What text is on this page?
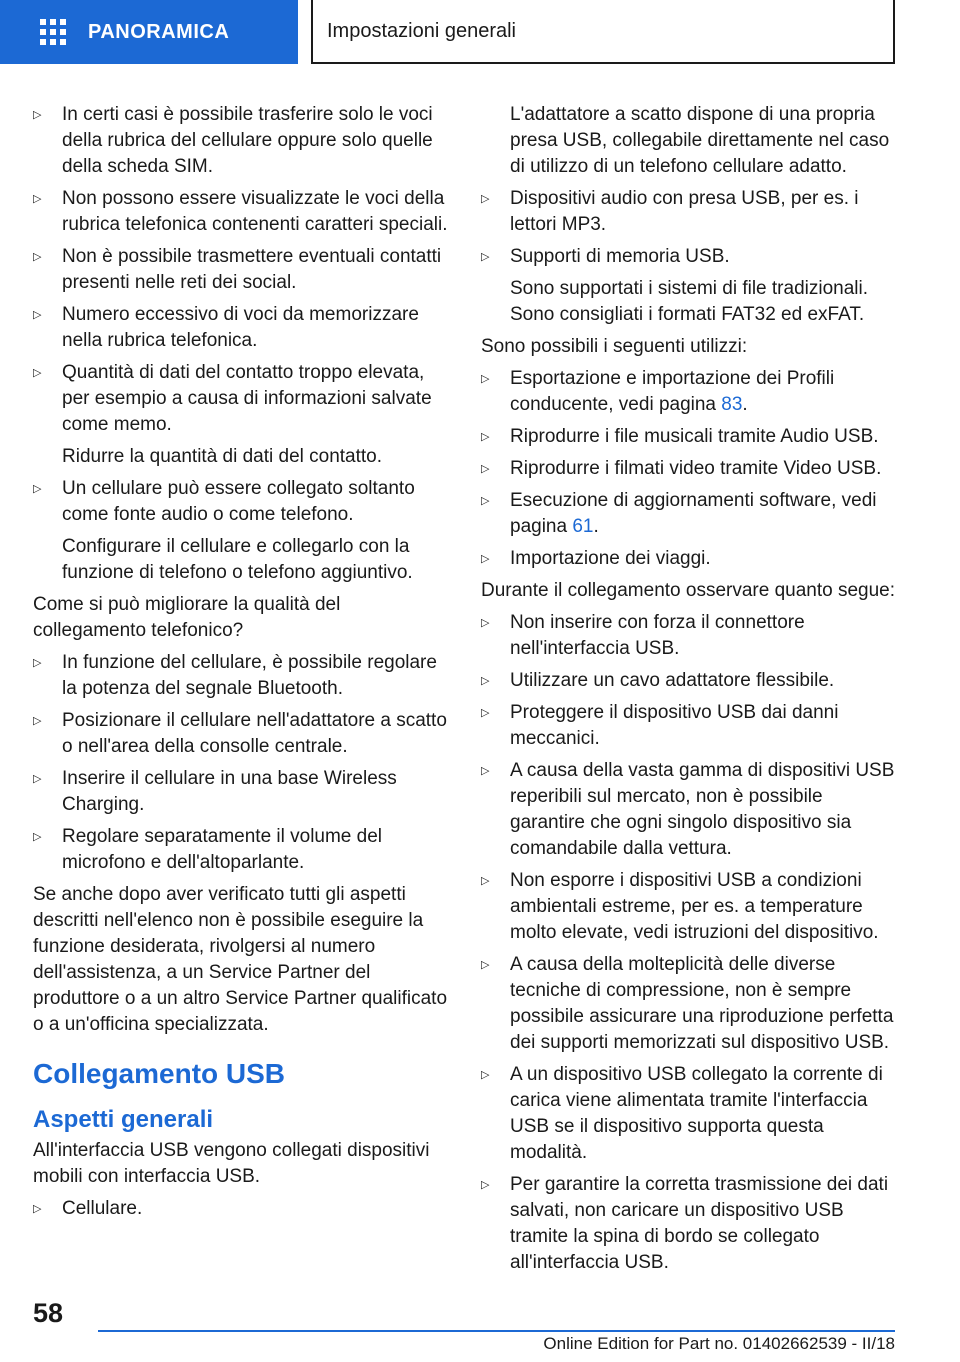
PANORAMICA	Impostazioni generali
▷ In certi casi è possibile trasferire solo le voci della rubrica del cellulare oppure solo quelle della scheda SIM.

▷ Non possono essere visualizzate le voci della rubrica telefonica contenenti caratteri speciali.

▷ Non è possibile trasmettere eventuali contatti presenti nelle reti dei social.

▷ Numero eccessivo di voci da memorizzare nella rubrica telefonica.

▷ Quantità di dati del contatto troppo elevata, per esempio a causa di informazioni salvate come memo.

Ridurre la quantità di dati del contatto.

▷ Un cellulare può essere collegato soltanto come fonte audio o come telefono.

Configurare il cellulare e collegarlo con la funzione di telefono o telefono aggiuntivo.

Come si può migliorare la qualità del collegamento telefonico?

▷ In funzione del cellulare, è possibile regolare la potenza del segnale Bluetooth.

▷ Posizionare il cellulare nell'adattatore a scatto o nell'area della consolle centrale.

▷ Inserire il cellulare in una base Wireless Charging.

▷ Regolare separatamente il volume del microfono e dell'altoparlante.

Se anche dopo aver verificato tutti gli aspetti descritti nell'elenco non è possibile eseguire la funzione desiderata, rivolgersi al numero dell'assistenza, a un Service Partner del produttore o a un altro Service Partner qualificato o a un'officina specializzata.

Collegamento USB
Aspetti generali

All'interfaccia USB vengono collegati dispositivi mobili con interfaccia USB.

▷ Cellulare.

L'adattatore a scatto dispone di una propria presa USB, collegabile direttamente nel caso di utilizzo di un telefono cellulare adatto.

▷ Dispositivi audio con presa USB, per es. i lettori MP3.

▷ Supporti di memoria USB.

Sono supportati i sistemi di file tradizionali. Sono consigliati i formati FAT32 ed exFAT.

Sono possibili i seguenti utilizzi:

▷ Esportazione e importazione dei Profili conducente, vedi pagina 83.

▷ Riprodurre i file musicali tramite Audio USB.

▷ Riprodurre i filmati video tramite Video USB.

▷ Esecuzione di aggiornamenti software, vedi pagina 61.

▷ Importazione dei viaggi.

Durante il collegamento osservare quanto segue:

▷ Non inserire con forza il connettore nell'interfaccia USB.

▷ Utilizzare un cavo adattatore flessibile.

▷ Proteggere il dispositivo USB dai danni meccanici.

▷ A causa della vasta gamma di dispositivi USB reperibili sul mercato, non è possibile garantire che ogni singolo dispositivo sia comandabile dalla vettura.

▷ Non esporre i dispositivi USB a condizioni ambientali estreme, per es. a temperature molto elevate, vedi istruzioni del dispositivo.

▷ A causa della molteplicità delle diverse tecniche di compressione, non è sempre possibile assicurare una riproduzione perfetta dei supporti memorizzati sul dispositivo USB.

▷ A un dispositivo USB collegato la corrente di carica viene alimentata tramite l'interfaccia USB se il dispositivo supporta questa modalità.

▷ Per garantire la corretta trasmissione dei dati salvati, non caricare un dispositivo USB tramite la spina di bordo se collegato all'interfaccia USB.

58
Online Edition for Part no. 01402662539 - II/18
